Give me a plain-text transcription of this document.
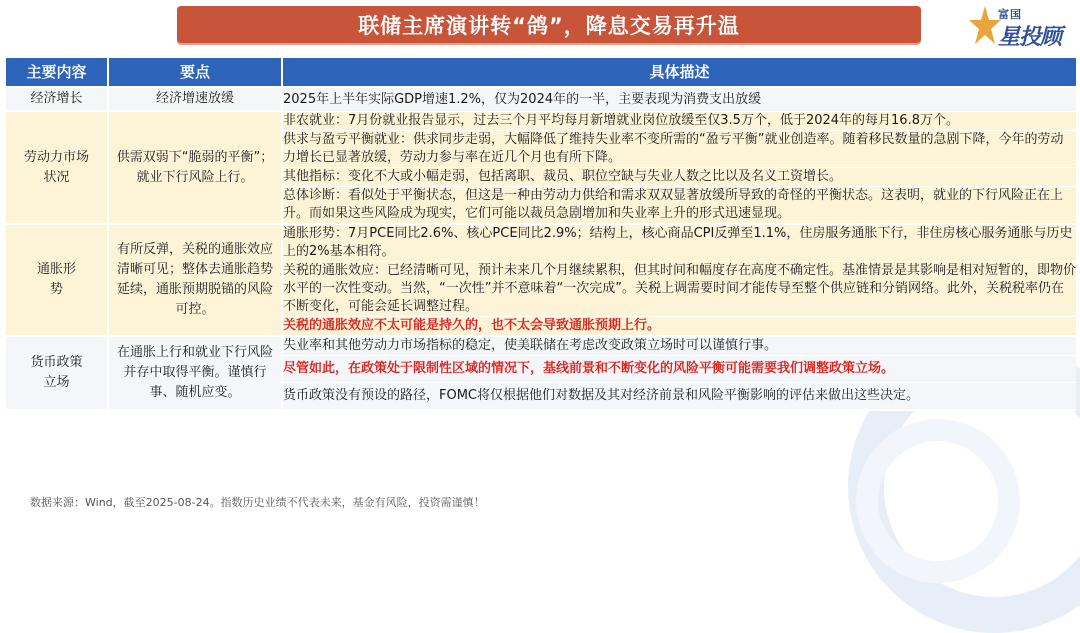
联储主席演讲转“鸽”，降息交易再升温	富国
星投顾
主要内容	要点	具体描述
经济增长	经济增速放缓	2025年上半年实际GDP增速1.2%，仅为2024年的一半，主要表现为消费支出放缓
劳动力市场状况	供需双弱下“脆弱的平衡”；就业下行风险上行。	非农就业：7月份就业报告显示，过去三个月平均每月新增就业岗位放缓至仅3.5万个，低于2024年的每月16.8万个。
		供求与盈亏平衡就业：供求同步走弱，大幅降低了维持失业率不变所需的“盈亏平衡”就业创造率。随着移民数量的急剧下降，今年的劳动力增长已显著放缓，劳动力参与率在近几个月也有所下降。
		其他指标：变化不大或小幅走弱，包括离职、裁员、职位空缺与失业人数之比以及名义工资增长。
		总体诊断：看似处于平衡状态，但这是一种由劳动力供给和需求双双显著放缓所导致的奇怪的平衡状态。这表明，就业的下行风险正在上升。而如果这些风险成为现实，它们可能以裁员急剧增加和失业率上升的形式迅速显现。
通胀形势	有所反弹，关税的通胀效应清晰可见；整体去通胀趋势延续，通胀预期脱锚的风险可控。	通胀形势：7月PCE同比2.6%、核心PCE同比2.9%；结构上，核心商品CPI反弹至1.1%，住房服务通胀下行，非住房核心服务通胀与历史上的2%基本相符。
		关税的通胀效应：已经清晰可见，预计未来几个月继续累积，但其时间和幅度存在高度不确定性。基准情景是其影响是相对短暂的，即物价水平的一次性变动。当然，“一次性”并不意味着“一次完成”。关税上调需要时间才能传导至整个供应链和分销网络。此外，关税税率仍在不断变化，可能会延长调整过程。
		关税的通胀效应不太可能是持久的，也不太会导致通胀预期上行。
货币政策立场	在通胀上行和就业下行风险并存中取得平衡。谨慎行事、随机应变。	失业率和其他劳动力市场指标的稳定，使美联储在考虑改变政策立场时可以谨慎行事。
		尽管如此，在政策处于限制性区域的情况下，基线前景和不断变化的风险平衡可能需要我们调整政策立场。
		货币政策没有预设的路径，FOMC将仅根据他们对数据及其对经济前景和风险平衡影响的评估来做出这些决定。
数据来源：Wind，截至2025-08-24。指数历史业绩不代表未来，基金有风险，投资需谨慎！
